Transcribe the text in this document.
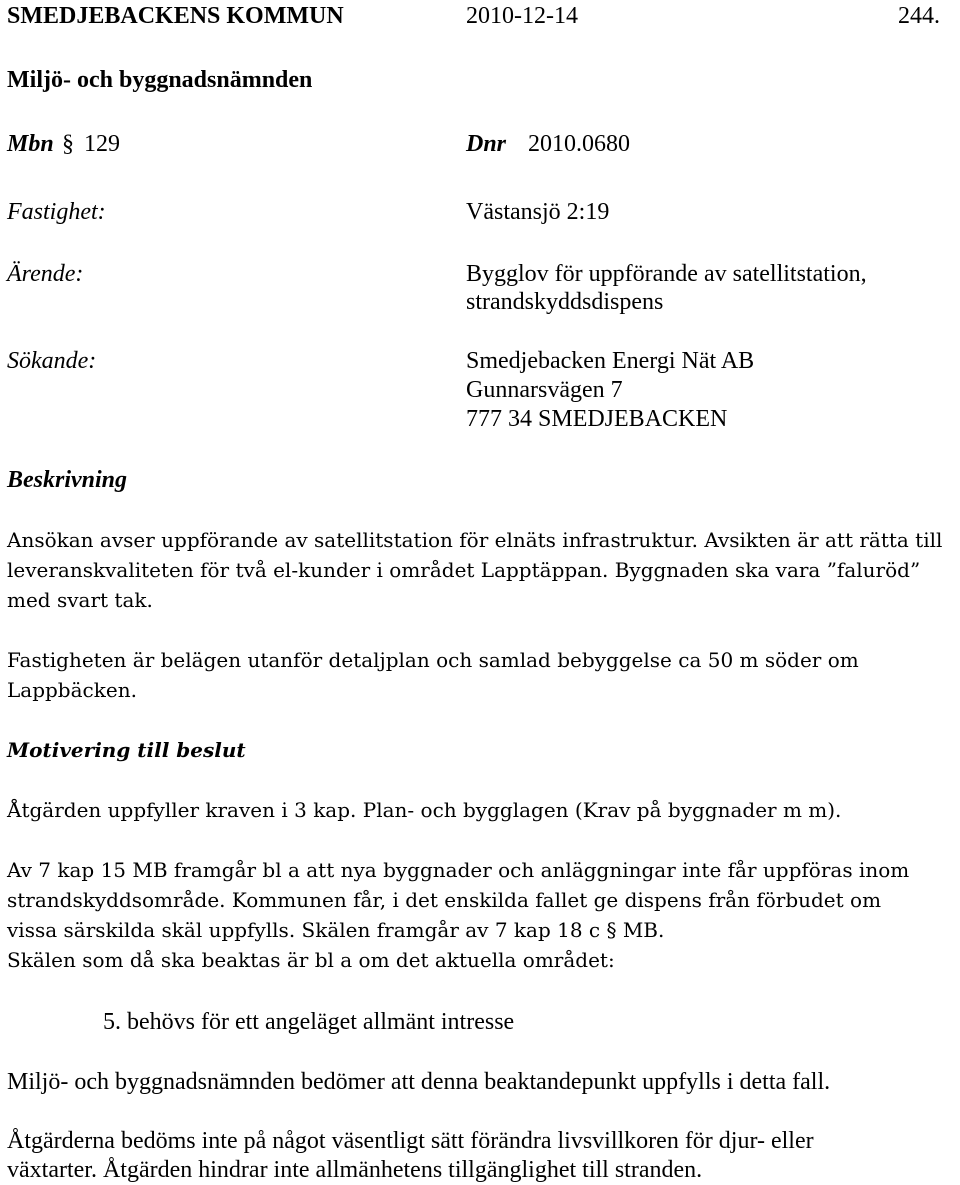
SMEDJEBACKENS KOMMUN	2010-12-14	244.
Miljö- och byggnadsnämnden
Mbn § 129	Dnr 2010.0680
Fastighet:	Västansjö 2:19
Ärende:	Bygglov för uppförande av satellitstation,
strandskyddsdispens
Sökande:	Smedjebacken Energi Nät AB
Gunnarsvägen 7
777 34 SMEDJEBACKEN
Beskrivning
Ansökan avser uppförande av satellitstation för elnäts infrastruktur. Avsikten är att rätta till
leveranskvaliteten för två el-kunder i området Lapptäppan. Byggnaden ska vara ”faluröd”
med svart tak.
Fastigheten är belägen utanför detaljplan och samlad bebyggelse ca 50 m söder om
Lappbäcken.
Motivering till beslut
Åtgärden uppfyller kraven i 3 kap. Plan- och bygglagen (Krav på byggnader m m).
Av 7 kap 15 MB framgår bl a att nya byggnader och anläggningar inte får uppföras inom
strandskyddsområde. Kommunen får, i det enskilda fallet ge dispens från förbudet om
vissa särskilda skäl uppfylls. Skälen framgår av 7 kap 18 c § MB.
Skälen som då ska beaktas är bl a om det aktuella området:
5. behövs för ett angeläget allmänt intresse
Miljö- och byggnadsnämnden bedömer att denna beaktandepunkt uppfylls i detta fall.
Åtgärderna bedöms inte på något väsentligt sätt förändra livsvillkoren för djur- eller
växtarter. Åtgärden hindrar inte allmänhetens tillgänglighet till stranden.
